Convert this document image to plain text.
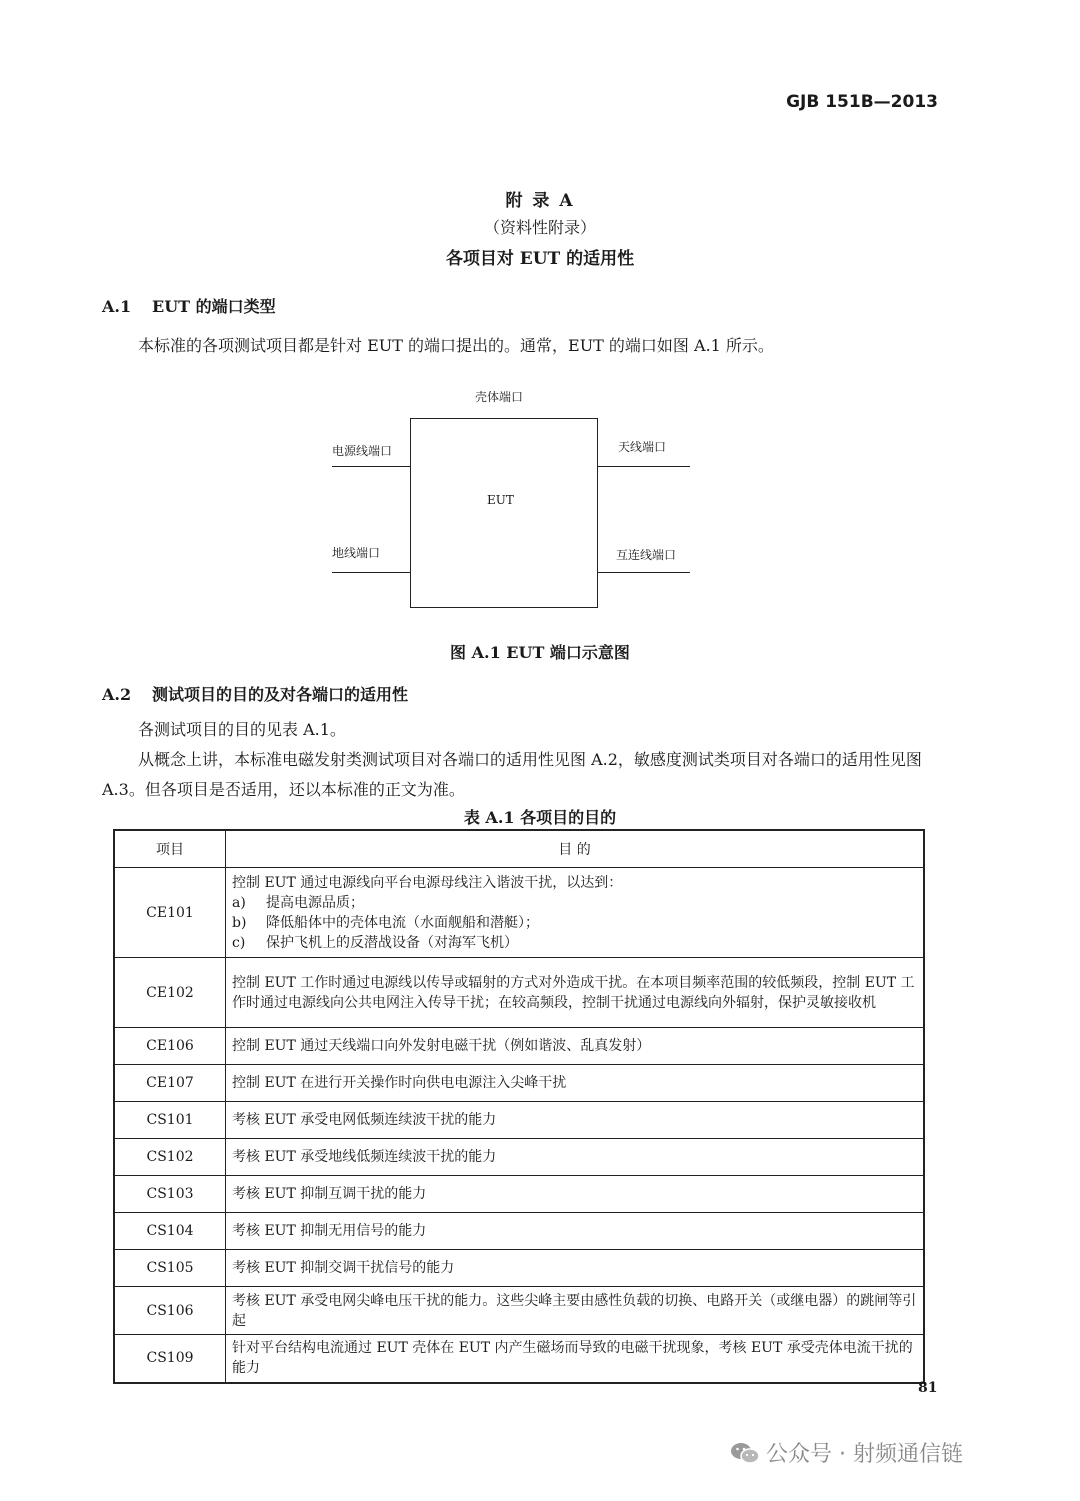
GJB 151B—2013
附 录 A
（资料性附录）
各项目对 EUT 的适用性
A.1 EUT 的端口类型
本标准的各项测试项目都是针对 EUT 的端口提出的。通常，EUT 的端口如图 A.1 所示。
壳体端口
EUT
电源线端口
地线端口
天线端口
互连线端口
图 A.1 EUT 端口示意图
A.2 测试项目的目的及对各端口的适用性
各测试项目的目的见表 A.1。
从概念上讲，本标准电磁发射类测试项目对各端口的适用性见图 A.2，敏感度测试类项目对各端口的适用性见图 A.3。但各项目是否适用，还以本标准的正文为准。
表 A.1 各项目的目的
项目	目 的
CE101	控制 EUT 通过电源线向平台电源母线注入谐波干扰，以达到：
a) 提高电源品质；
b) 降低船体中的壳体电流（水面舰船和潜艇）；
c) 保护飞机上的反潜战设备（对海军飞机）

CE102	控制 EUT 工作时通过电源线以传导或辐射的方式对外造成干扰。在本项目频率范围的较低频段，控制 EUT 工作时通过电源线向公共电网注入传导干扰；在较高频段，控制干扰通过电源线向外辐射，保护灵敏接收机
CE106	控制 EUT 通过天线端口向外发射电磁干扰（例如谐波、乱真发射）
CE107	控制 EUT 在进行开关操作时向供电电源注入尖峰干扰
CS101	考核 EUT 承受电网低频连续波干扰的能力
CS102	考核 EUT 承受地线低频连续波干扰的能力
CS103	考核 EUT 抑制互调干扰的能力
CS104	考核 EUT 抑制无用信号的能力
CS105	考核 EUT 抑制交调干扰信号的能力
CS106	考核 EUT 承受电网尖峰电压干扰的能力。这些尖峰主要由感性负载的切换、电路开关（或继电器）的跳闸等引起
CS109	针对平台结构电流通过 EUT 壳体在 EUT 内产生磁场而导致的电磁干扰现象，考核 EUT 承受壳体电流干扰的能力
81
公众号 · 射频通信链
